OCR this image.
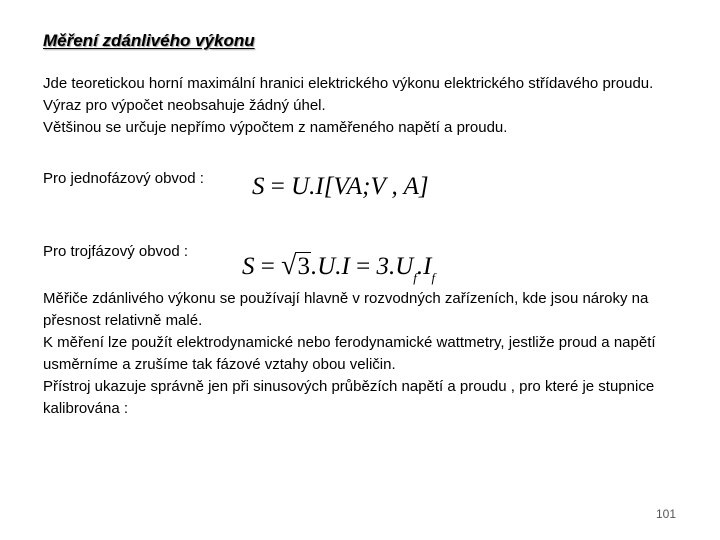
Měření zdánlivého výkonu

Jde teoretickou horní maximální hranici elektrického výkonu elektrického střídavého proudu. Výraz pro výpočet neobsahuje žádný úhel.

Většinou se určuje nepřímo výpočtem z naměřeného napětí a proudu.

Pro jednofázový obvod : S = U.I[VA;V , A]
Pro trojfázový obvod :
$S = √3.U.I = 3.U_f.I_f$

Měřiče zdánlivého výkonu se používají hlavně v rozvodných zařízeních, kde jsou nároky na přesnost relativně malé.

K měření lze použít elektrodynamické nebo ferodynamické wattmetry, jestliže proud a napětí usměrníme a zrušíme tak fázové vztahy obou veličin.

Přístroj ukazuje správně jen při sinusových průbězích napětí a proudu , pro které je stupnice kalibrována :

101
